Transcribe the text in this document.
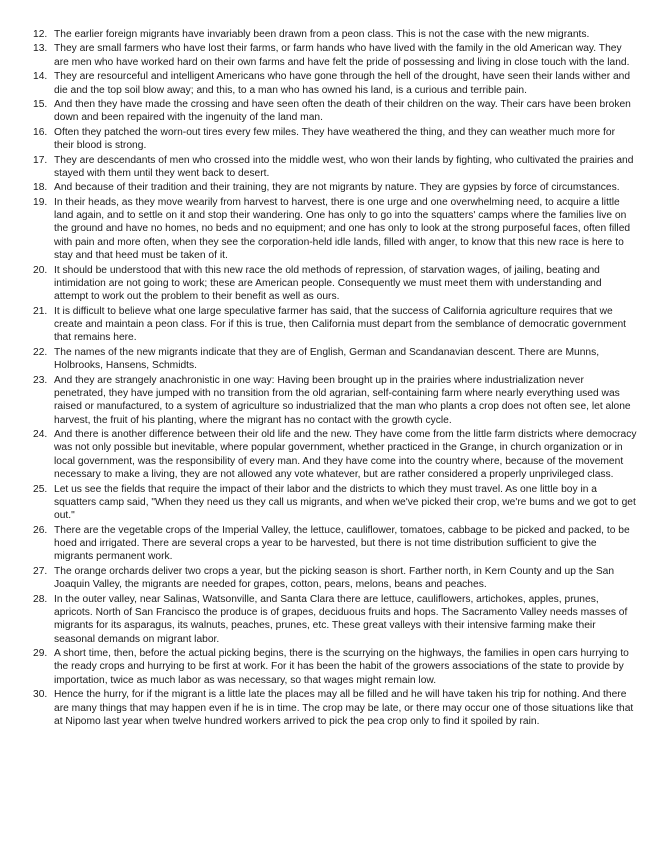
12. The earlier foreign migrants have invariably been drawn from a peon class. This is not the case with the new migrants.
13. They are small farmers who have lost their farms, or farm hands who have lived with the family in the old American way. They are men who have worked hard on their own farms and have felt the pride of possessing and living in close touch with the land.
14. They are resourceful and intelligent Americans who have gone through the hell of the drought, have seen their lands wither and die and the top soil blow away; and this, to a man who has owned his land, is a curious and terrible pain.
15. And then they have made the crossing and have seen often the death of their children on the way. Their cars have been broken down and been repaired with the ingenuity of the land man.
16. Often they patched the worn-out tires every few miles. They have weathered the thing, and they can weather much more for their blood is strong.
17. They are descendants of men who crossed into the middle west, who won their lands by fighting, who cultivated the prairies and stayed with them until they went back to desert.
18. And because of their tradition and their training, they are not migrants by nature. They are gypsies by force of circumstances.
19. In their heads, as they move wearily from harvest to harvest, there is one urge and one overwhelming need, to acquire a little land again, and to settle on it and stop their wandering. One has only to go into the squatters' camps where the families live on the ground and have no homes, no beds and no equipment; and one has only to look at the strong purposeful faces, often filled with pain and more often, when they see the corporation-held idle lands, filled with anger, to know that this new race is here to stay and that heed must be taken of it.
20. It should be understood that with this new race the old methods of repression, of starvation wages, of jailing, beating and intimidation are not going to work; these are American people. Consequently we must meet them with understanding and attempt to work out the problem to their benefit as well as ours.
21. It is difficult to believe what one large speculative farmer has said, that the success of California agriculture requires that we create and maintain a peon class. For if this is true, then California must depart from the semblance of democratic government that remains here.
22. The names of the new migrants indicate that they are of English, German and Scandanavian descent. There are Munns, Holbrooks, Hansens, Schmidts.
23. And they are strangely anachronistic in one way: Having been brought up in the prairies where industrialization never penetrated, they have jumped with no transition from the old agrarian, self-containing farm where nearly everything used was raised or manufactured, to a system of agriculture so industrialized that the man who plants a crop does not often see, let alone harvest, the fruit of his planting, where the migrant has no contact with the growth cycle.
24. And there is another difference between their old life and the new. They have come from the little farm districts where democracy was not only possible but inevitable, where popular government, whether practiced in the Grange, in church organization or in local government, was the responsibility of every man. And they have come into the country where, because of the movement necessary to make a living, they are not allowed any vote whatever, but are rather considered a properly unprivileged class.
25. Let us see the fields that require the impact of their labor and the districts to which they must travel. As one little boy in a squatters camp said, "When they need us they call us migrants, and when we've picked their crop, we're bums and we got to get out."
26. There are the vegetable crops of the Imperial Valley, the lettuce, cauliflower, tomatoes, cabbage to be picked and packed, to be hoed and irrigated. There are several crops a year to be harvested, but there is not time distribution sufficient to give the migrants permanent work.
27. The orange orchards deliver two crops a year, but the picking season is short. Farther north, in Kern County and up the San Joaquin Valley, the migrants are needed for grapes, cotton, pears, melons, beans and peaches.
28. In the outer valley, near Salinas, Watsonville, and Santa Clara there are lettuce, cauliflowers, artichokes, apples, prunes, apricots. North of San Francisco the produce is of grapes, deciduous fruits and hops. The Sacramento Valley needs masses of migrants for its asparagus, its walnuts, peaches, prunes, etc. These great valleys with their intensive farming make their seasonal demands on migrant labor.
29. A short time, then, before the actual picking begins, there is the scurrying on the highways, the families in open cars hurrying to the ready crops and hurrying to be first at work. For it has been the habit of the growers associations of the state to provide by importation, twice as much labor as was necessary, so that wages might remain low.
30. Hence the hurry, for if the migrant is a little late the places may all be filled and he will have taken his trip for nothing. And there are many things that may happen even if he is in time. The crop may be late, or there may occur one of those situations like that at Nipomo last year when twelve hundred workers arrived to pick the pea crop only to find it spoiled by rain.
